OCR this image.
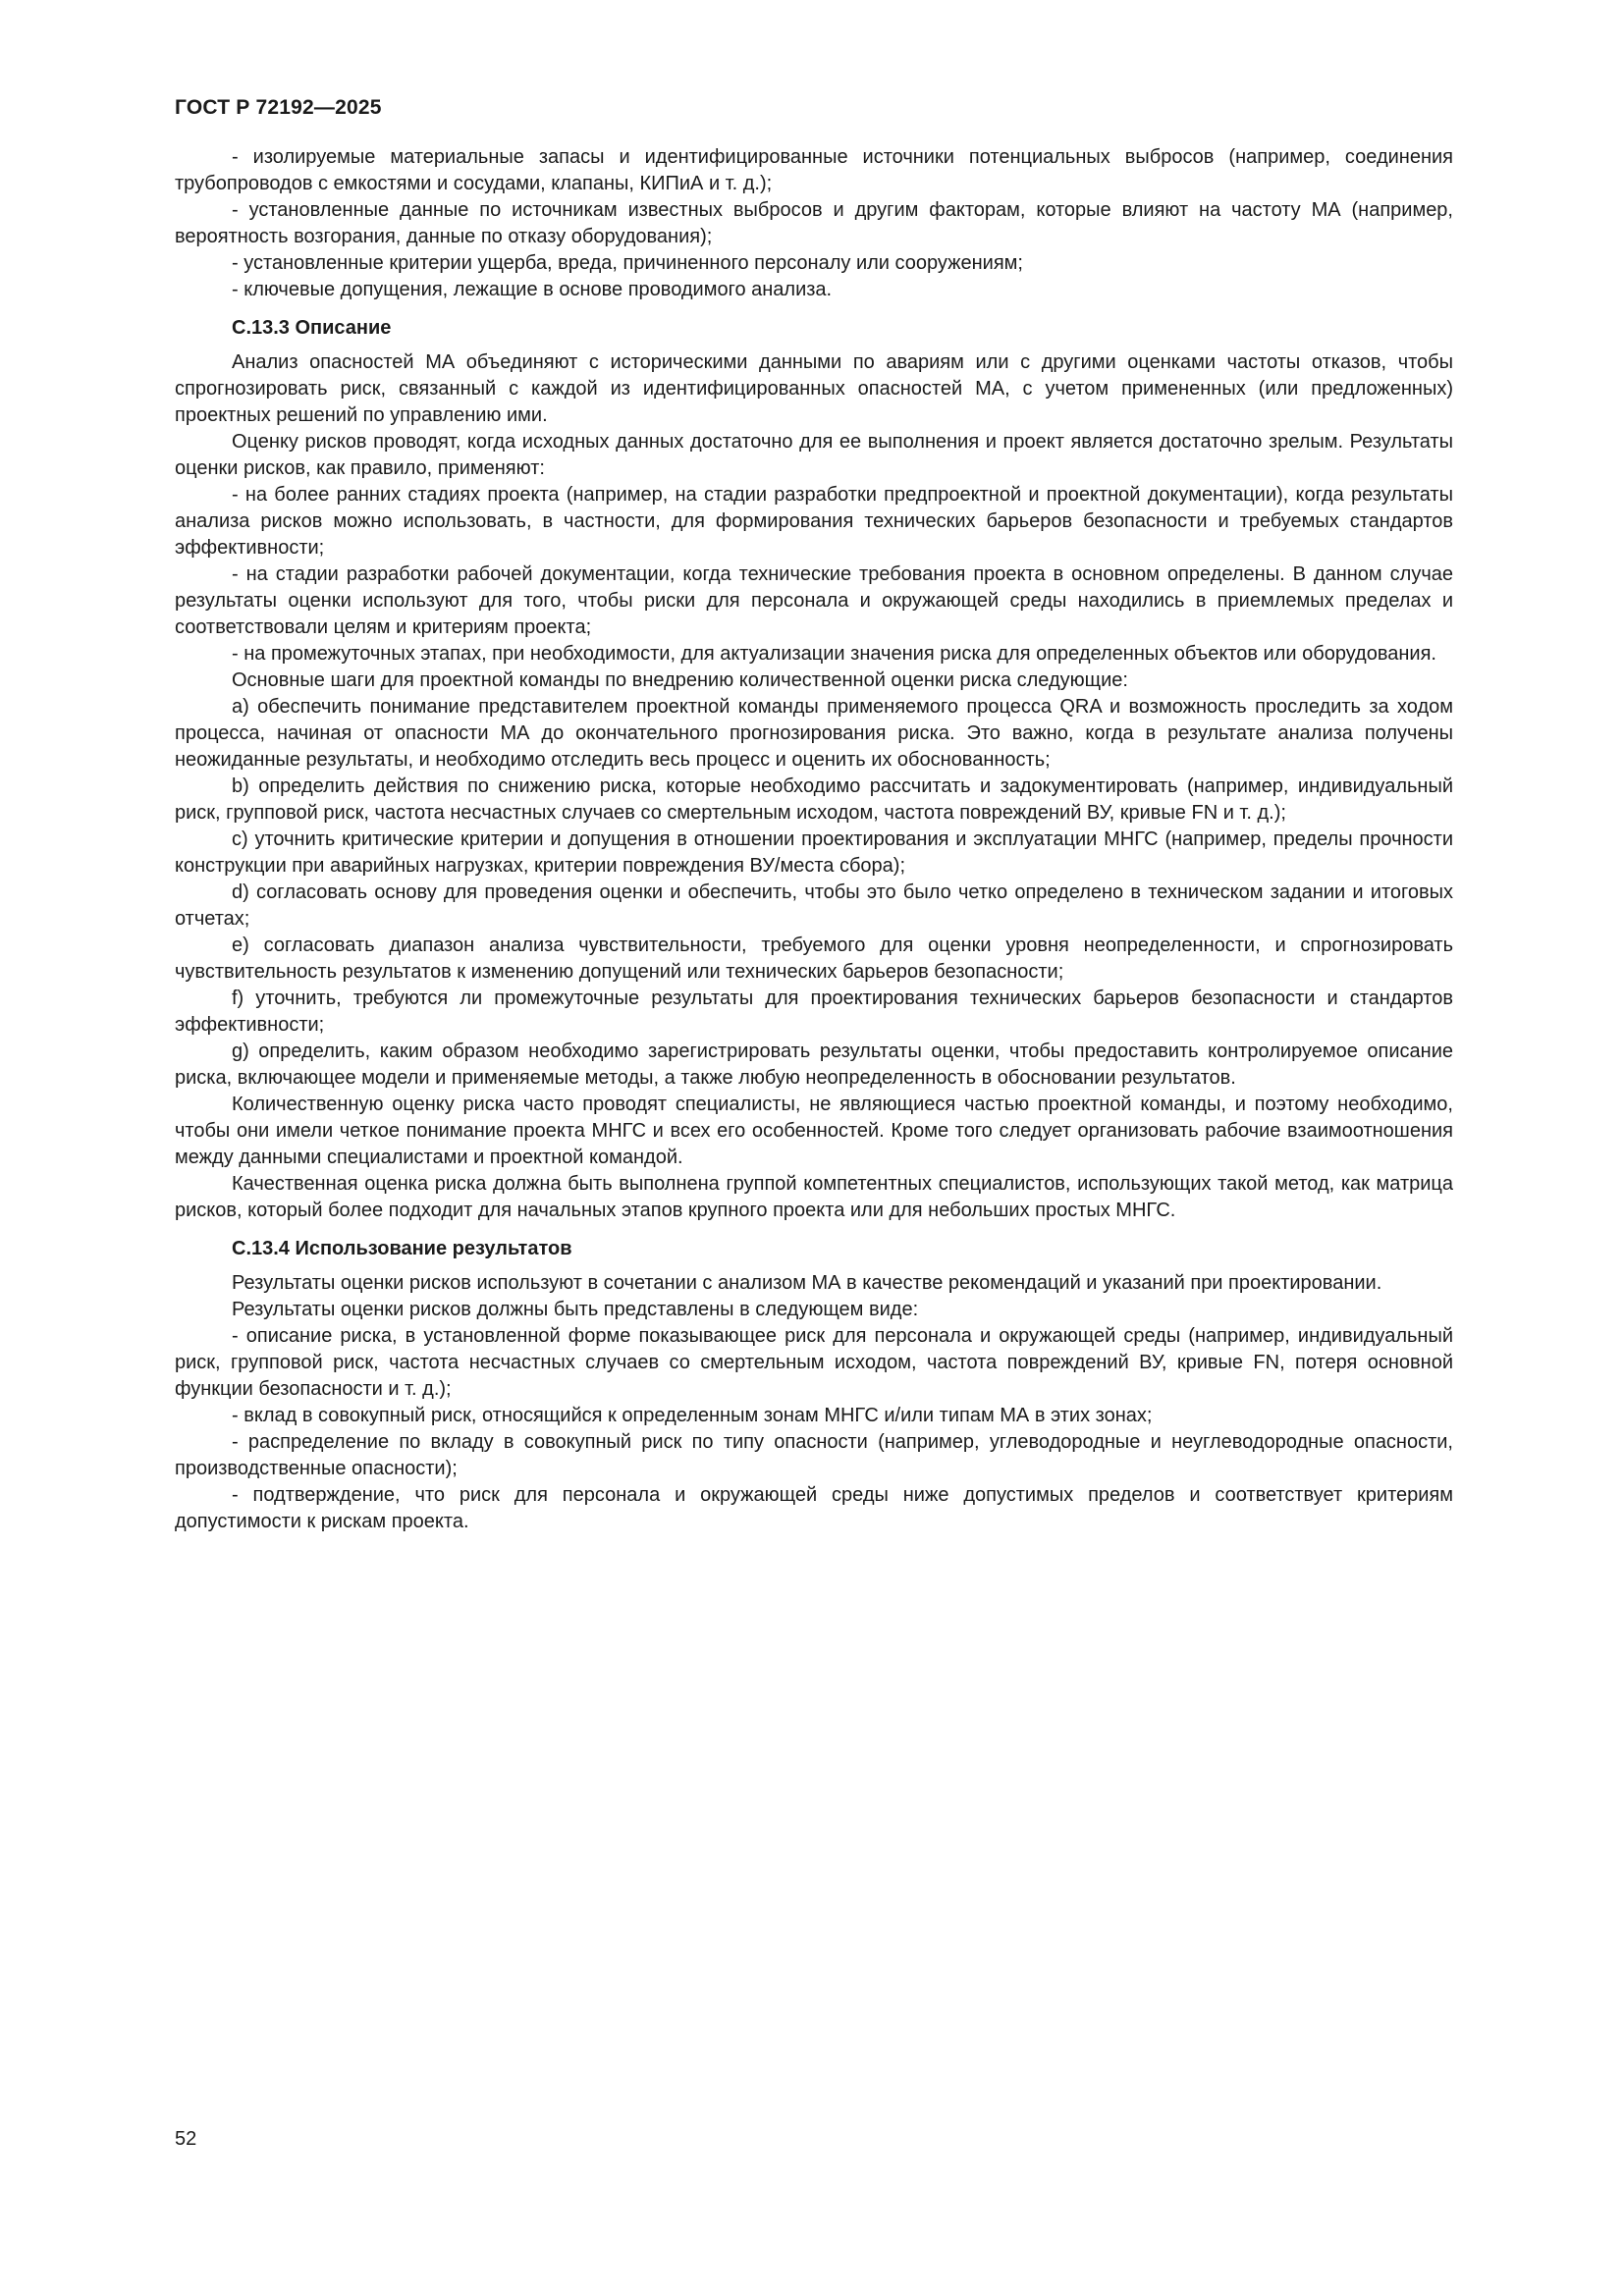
ГОСТ Р 72192—2025

- изолируемые материальные запасы и идентифицированные источники потенциальных выбросов (например, соединения трубопроводов с емкостями и сосудами, клапаны, КИПиА и т. д.);

- установленные данные по источникам известных выбросов и другим факторам, которые влияют на частоту МА (например, вероятность возгорания, данные по отказу оборудования);

- установленные критерии ущерба, вреда, причиненного персоналу или сооружениям;

- ключевые допущения, лежащие в основе проводимого анализа.

С.13.3 Описание

Анализ опасностей МА объединяют с историческими данными по авариям или с другими оценками частоты отказов, чтобы спрогнозировать риск, связанный с каждой из идентифицированных опасностей МА, с учетом примененных (или предложенных) проектных решений по управлению ими.

Оценку рисков проводят, когда исходных данных достаточно для ее выполнения и проект является достаточно зрелым. Результаты оценки рисков, как правило, применяют:

- на более ранних стадиях проекта (например, на стадии разработки предпроектной и проектной документации), когда результаты анализа рисков можно использовать, в частности, для формирования технических барьеров безопасности и требуемых стандартов эффективности;

- на стадии разработки рабочей документации, когда технические требования проекта в основном определены. В данном случае результаты оценки используют для того, чтобы риски для персонала и окружающей среды находились в приемлемых пределах и соответствовали целям и критериям проекта;

- на промежуточных этапах, при необходимости, для актуализации значения риска для определенных объектов или оборудования.

Основные шаги для проектной команды по внедрению количественной оценки риска следующие:

a) обеспечить понимание представителем проектной команды применяемого процесса QRA и возможность проследить за ходом процесса, начиная от опасности МА до окончательного прогнозирования риска. Это важно, когда в результате анализа получены неожиданные результаты, и необходимо отследить весь процесс и оценить их обоснованность;

b) определить действия по снижению риска, которые необходимо рассчитать и задокументировать (например, индивидуальный риск, групповой риск, частота несчастных случаев со смертельным исходом, частота повреждений ВУ, кривые FN и т. д.);

c) уточнить критические критерии и допущения в отношении проектирования и эксплуатации МНГС (например, пределы прочности конструкции при аварийных нагрузках, критерии повреждения ВУ/места сбора);

d) согласовать основу для проведения оценки и обеспечить, чтобы это было четко определено в техническом задании и итоговых отчетах;

e) согласовать диапазон анализа чувствительности, требуемого для оценки уровня неопределенности, и спрогнозировать чувствительность результатов к изменению допущений или технических барьеров безопасности;

f) уточнить, требуются ли промежуточные результаты для проектирования технических барьеров безопасности и стандартов эффективности;

g) определить, каким образом необходимо зарегистрировать результаты оценки, чтобы предоставить контролируемое описание риска, включающее модели и применяемые методы, а также любую неопределенность в обосновании результатов.

Количественную оценку риска часто проводят специалисты, не являющиеся частью проектной команды, и поэтому необходимо, чтобы они имели четкое понимание проекта МНГС и всех его особенностей. Кроме того следует организовать рабочие взаимоотношения между данными специалистами и проектной командой.

Качественная оценка риска должна быть выполнена группой компетентных специалистов, использующих такой метод, как матрица рисков, который более подходит для начальных этапов крупного проекта или для небольших простых МНГС.

С.13.4 Использование результатов

Результаты оценки рисков используют в сочетании с анализом МА в качестве рекомендаций и указаний при проектировании.

Результаты оценки рисков должны быть представлены в следующем виде:

- описание риска, в установленной форме показывающее риск для персонала и окружающей среды (например, индивидуальный риск, групповой риск, частота несчастных случаев со смертельным исходом, частота повреждений ВУ, кривые FN, потеря основной функции безопасности и т. д.);

- вклад в совокупный риск, относящийся к определенным зонам МНГС и/или типам МА в этих зонах;

- распределение по вкладу в совокупный риск по типу опасности (например, углеводородные и неуглеводородные опасности, производственные опасности);

- подтверждение, что риск для персонала и окружающей среды ниже допустимых пределов и соответствует критериям допустимости к рискам проекта.

52
